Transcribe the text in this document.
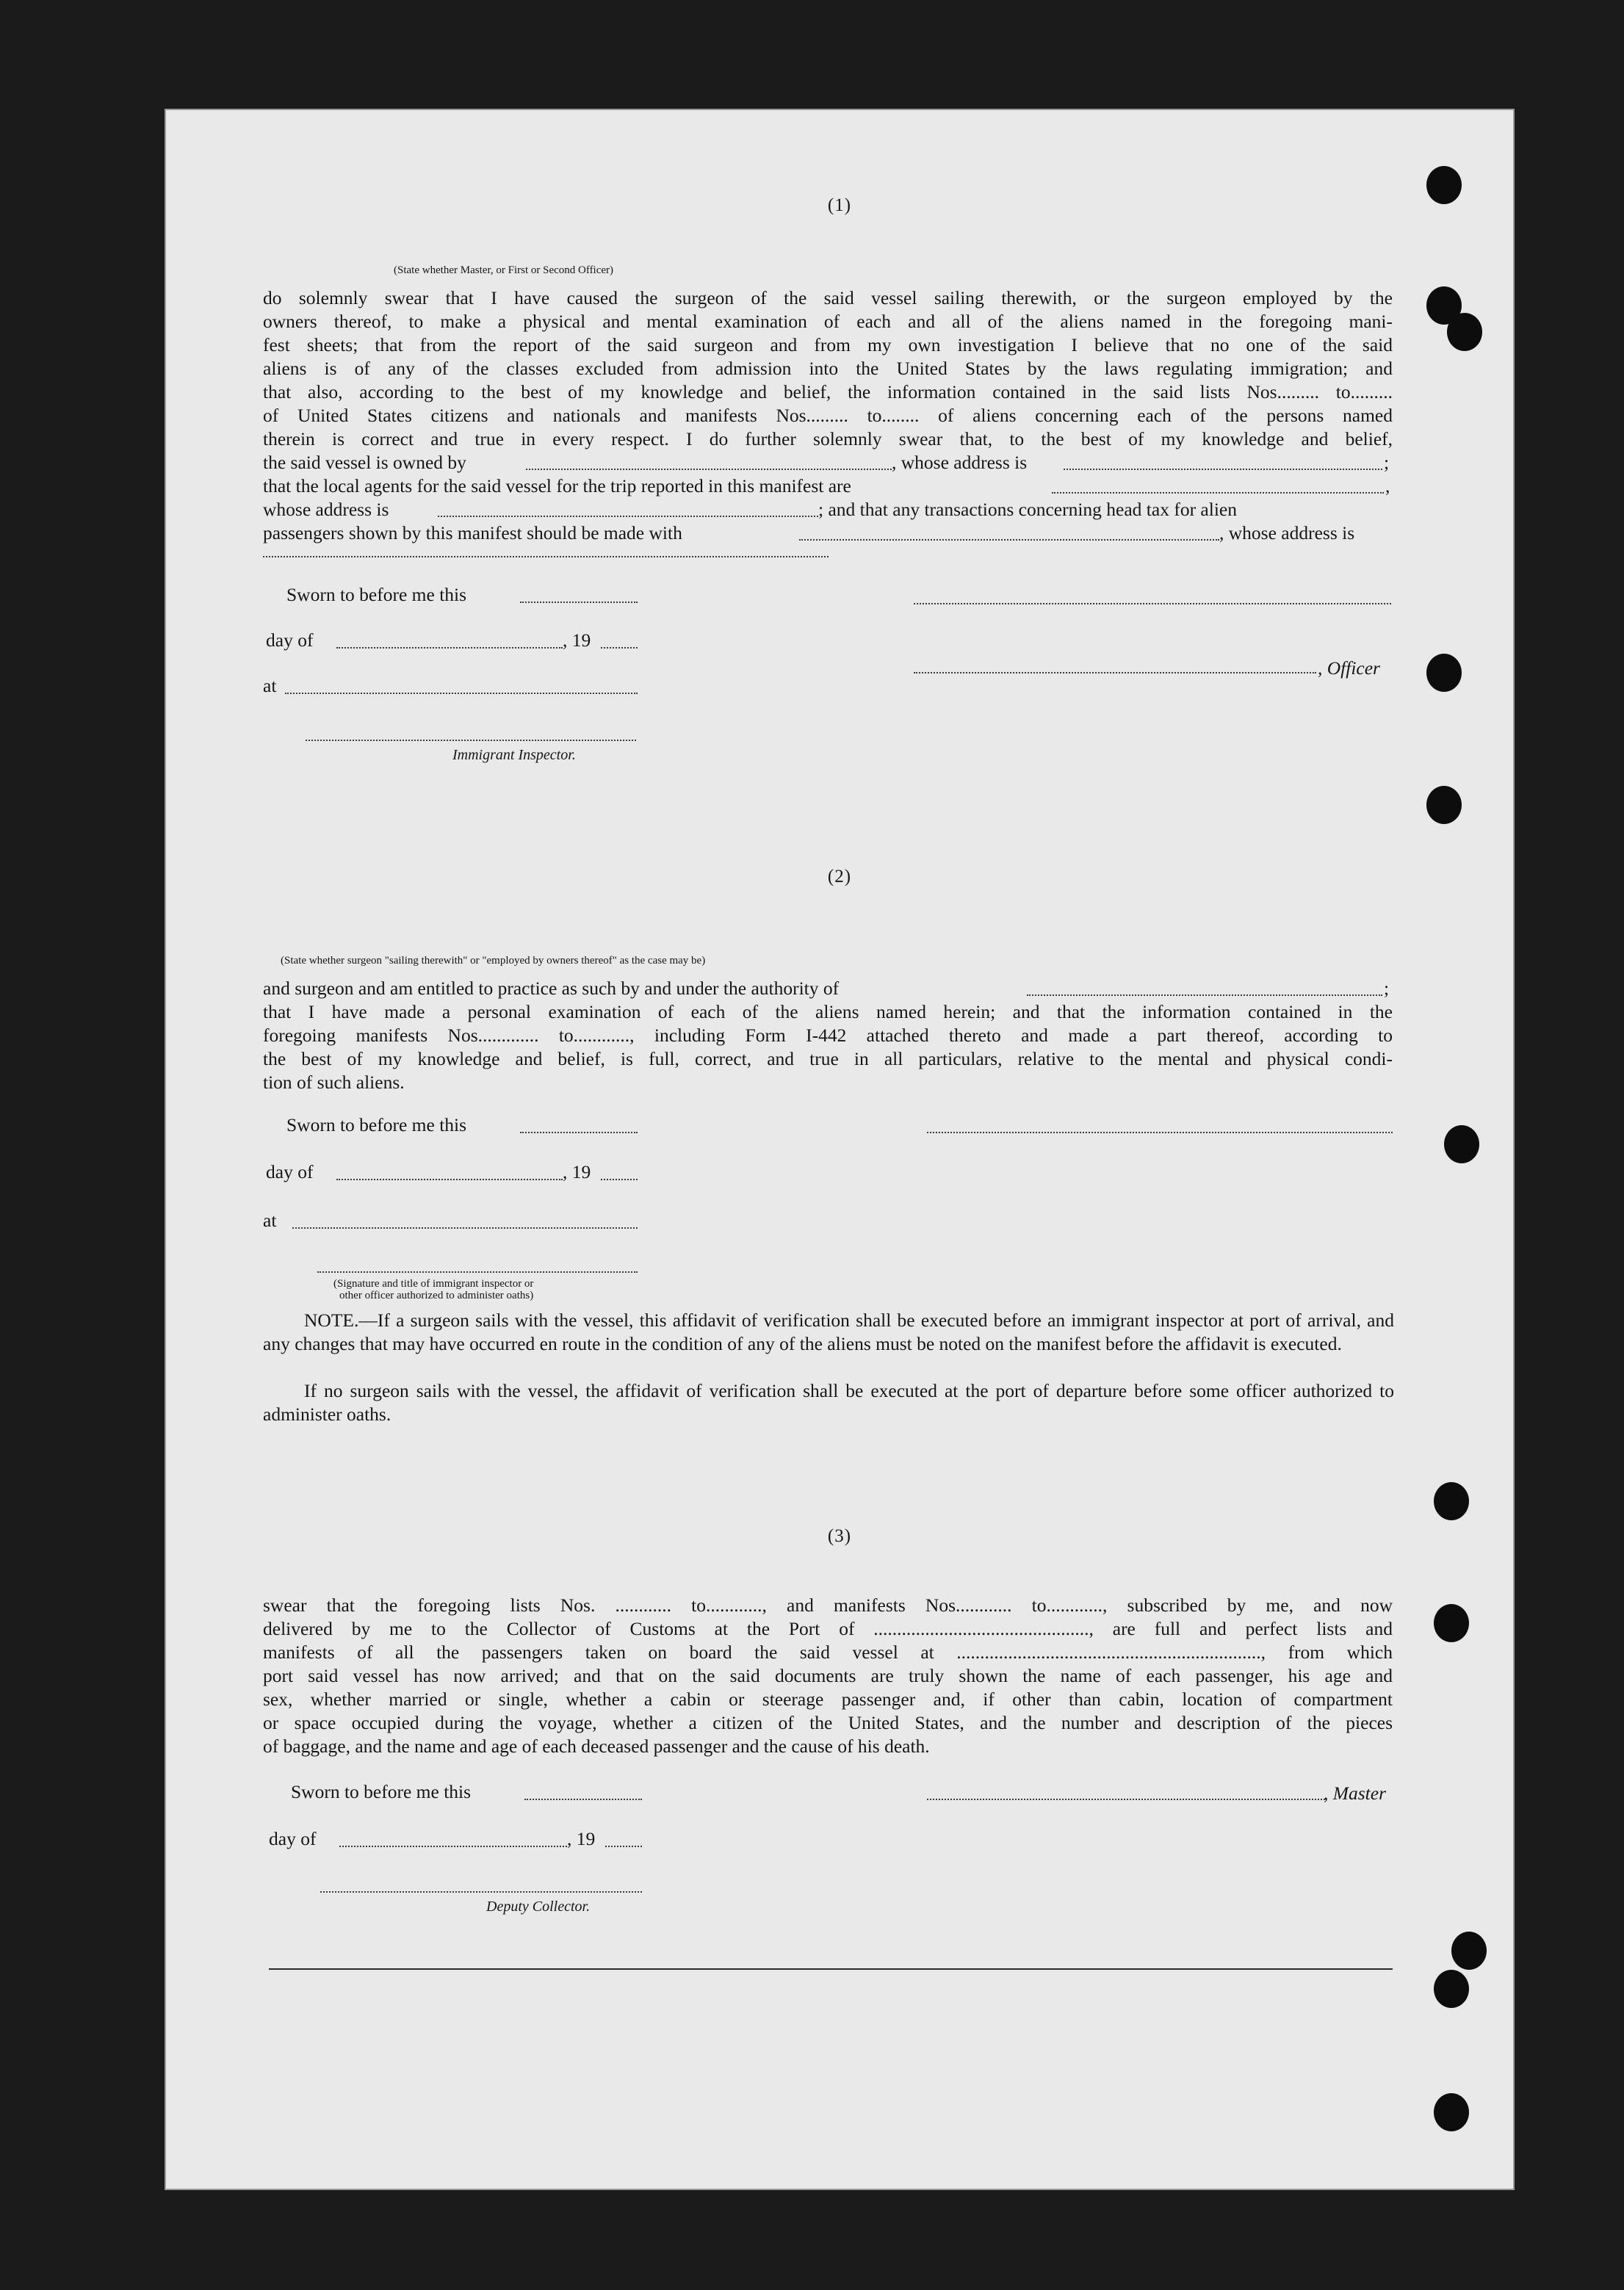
(1)
(State whether Master, or First or Second Officer)
do solemnly swear that I have caused the surgeon of the said vessel sailing therewith, or the surgeon employed by the
owners thereof, to make a physical and mental examination of each and all of the aliens named in the foregoing mani-
fest sheets; that from the report of the said surgeon and from my own investigation I believe that no one of the said
aliens is of any of the classes excluded from admission into the United States by the laws regulating immigration; and
that also, according to the best of my knowledge and belief, the information contained in the said lists Nos......... to.........
of United States citizens and nationals and manifests Nos......... to........ of aliens concerning each of the persons named
therein is correct and true in every respect. I do further solemnly swear that, to the best of my knowledge and belief,
the said vessel is owned by	, whose address is	;
that the local agents for the said vessel for the trip reported in this manifest are	,
whose address is	; and that any transactions concerning head tax for alien
passengers shown by this manifest should be made with	, whose address is
Sworn to before me this
day of	, 19
at
Immigrant Inspector.
, Officer
(2)
(State whether surgeon "sailing therewith" or "employed by owners thereof" as the case may be)
and surgeon and am entitled to practice as such by and under the authority of	;
that I have made a personal examination of each of the aliens named herein; and that the information contained in the
foregoing manifests Nos............. to............, including Form I-442 attached thereto and made a part thereof, according to
the best of my knowledge and belief, is full, correct, and true in all particulars, relative to the mental and physical condi-
tion of such aliens.
Sworn to before me this
day of	, 19
at
(Signature and title of immigrant inspector or
other officer authorized to administer oaths)
NOTE.—If a surgeon sails with the vessel, this affidavit of verification shall be executed before an immigrant inspector at port of arrival, and any changes that may have occurred en route in the condition of any of the aliens must be noted on the manifest before the affidavit is executed.
If no surgeon sails with the vessel, the affidavit of verification shall be executed at the port of departure before some officer authorized to administer oaths.
(3)
swear that the foregoing lists Nos. ............ to............, and manifests Nos............ to............, subscribed by me, and now
delivered by me to the Collector of Customs at the Port of .............................................., are full and perfect lists and
manifests of all the passengers taken on board the said vessel at ................................................................., from which
port said vessel has now arrived; and that on the said documents are truly shown the name of each passenger, his age and
sex, whether married or single, whether a cabin or steerage passenger and, if other than cabin, location of compartment
or space occupied during the voyage, whether a citizen of the United States, and the number and description of the pieces
of baggage, and the name and age of each deceased passenger and the cause of his death.
Sworn to before me this	, Master
day of	, 19
Deputy Collector.
